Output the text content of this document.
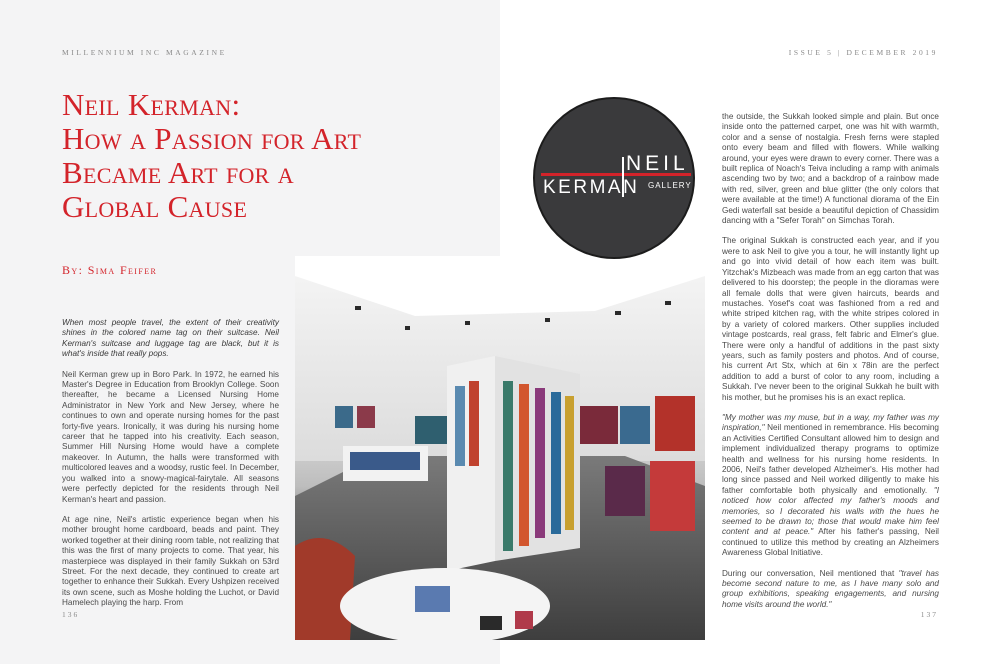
MILLENNIUM INC MAGAZINE	ISSUE 5 | DECEMBER 2019
Neil Kerman:
How a Passion for Art
Became Art for a
Global Cause
By: Sima Feifer

When most people travel, the extent of their creativity shines in the colored name tag on their suitcase. Neil Kerman's suitcase and luggage tag are black, but it is what's inside that really pops.

Neil Kerman grew up in Boro Park. In 1972, he earned his Master's Degree in Education from Brooklyn College. Soon thereafter, he became a Licensed Nursing Home Administrator in New York and New Jersey, where he continues to own and operate nursing homes for the past forty-five years. Ironically, it was during his nursing home career that he tapped into his creativity. Each season, Summer Hill Nursing Home would have a complete makeover. In Autumn, the halls were transformed with multicolored leaves and a woodsy, rustic feel. In December, you walked into a snowy-magical-fairytale. All seasons were perfectly depicted for the residents through Neil Kerman's heart and passion.

At age nine, Neil's artistic experience began when his mother brought home cardboard, beads and paint. They worked together at their dining room table, not realizing that this was the first of many projects to come. That year, his masterpiece was displayed in their family Sukkah on 53rd Street. For the next decade, they continued to create art together to enhance their Sukkah. Every Ushpizen received its own scene, such as Moshe holding the Luchot, or David Hamelech playing the harp. From

NEIL
KERMAN GALLERY

the outside, the Sukkah looked simple and plain. But once inside onto the patterned carpet, one was hit with warmth, color and a sense of nostalgia. Fresh ferns were stapled onto every beam and filled with flowers. While walking around, your eyes were drawn to every corner. There was a built replica of Noach's Teiva including a ramp with animals ascending two by two; and a backdrop of a rainbow made with red, silver, green and blue glitter (the only colors that were available at the time!) A functional diorama of the Ein Gedi waterfall sat beside a beautiful depiction of Chassidim dancing with a "Sefer Torah" on Simchas Torah.

The original Sukkah is constructed each year, and if you were to ask Neil to give you a tour, he will instantly light up and go into vivid detail of how each item was built. Yitzchak's Mizbeach was made from an egg carton that was delivered to his doorstep; the people in the dioramas were all female dolls that were given haircuts, beards and mustaches. Yosef's coat was fashioned from a red and white striped kitchen rag, with the white stripes colored in by a variety of colored markers. Other supplies included vintage postcards, real grass, felt fabric and Elmer's glue. There were only a handful of additions in the past sixty years, such as family posters and photos. And of course, his current Art Stx, which at 6in x 78in are the perfect addition to add a burst of color to any room, including a Sukkah. I've never been to the original Sukkah he built with his mother, but he promises his is an exact replica.

"My mother was my muse, but in a way, my father was my inspiration," Neil mentioned in remembrance. His becoming an Activities Certified Consultant allowed him to design and implement individualized therapy programs to optimize health and wellness for his nursing home residents. In 2006, Neil's father developed Alzheimer's. His mother had long since passed and Neil worked diligently to make his father comfortable both physically and emotionally. "I noticed how color affected my father's moods and memories, so I decorated his walls with the hues he seemed to be drawn to; those that would make him feel content and at peace." After his father's passing, Neil continued to utilize this method by creating an Alzheimers Awareness Global Initiative.

During our conversation, Neil mentioned that "travel has become second nature to me, as I have many solo and group exhibitions, speaking engagements, and nursing home visits around the world."

136	137
